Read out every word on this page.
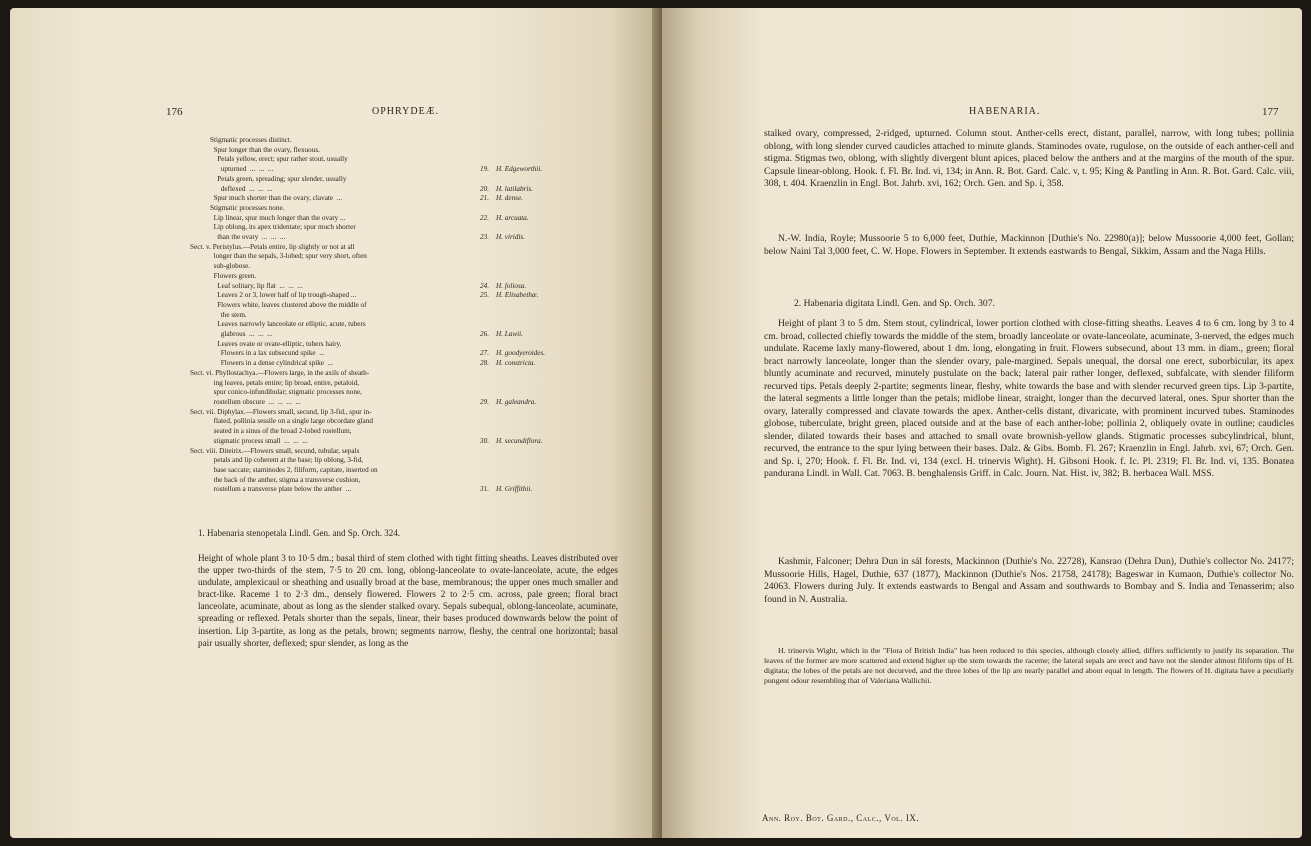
176	OPHRYDEÆ.
Stigmatic processes distinct.
Spur longer than the ovary, flexuous.
Petals yellow, erect; spur rather stout, usually
upturned  ...  ...  ...	19. H. Edgeworthii.
Petals green, spreading; spur slender, usually
deflexed  ...  ...  ...	20. H. latilabris.
Spur much shorter than the ovary, clavate  ...	21. H. dense.
Stigmatic processes none.
Lip linear, spur much longer than the ovary ...	22. H. arcuata.
Lip oblong, its apex tridentate; spur much shorter
than the ovary  ...  ...  ...	23. H. viridis.
Sect. v. Peristylus.—Petals entire, lip slightly or not at all
longer than the sepals, 3-lobed; spur very short, often
sub-globose.
Flowers green.
Leaf solitary, lip flat  ...  ...  ...	24. H. foliosa.
Leaves 2 or 3, lower half of lip trough-shaped ...	25. H. Elisabethæ.
Flowers white, leaves clustered above the middle of
the stem.
Leaves narrowly lanceolate or elliptic, acute, tubers
glabrous  ...  ...  ...	26. H. Lawii.
Leaves ovate or ovate-elliptic, tubers hairy.
Flowers in a lax subsecund spike  ...	27. H. goodyeroides.
Flowers in a dense cylindrical spike  ...	28. H. constricta.
Sect. vi. Phyllostachya.—Flowers large, in the axils of sheath-
ing leaves, petals entire; lip broad, entire, petaloid,
spur conico-infundibular; stigmatic processes none,
rostellum obscure  ...  ...  ...  ...	29. H. galeandra.
Sect. vii. Diphylax.—Flowers small, secund, lip 3-fid., spur in-
flated, pollinia sessile on a single large obcordate gland
seated in a sinus of the broad 2-lobed rostellum,
stigmatic process small  ...  ...  ...	30. H. secundiflora.
Sect. viii. Diteirix.—Flowers small, secund, tubular, sepals
petals and lip coherent at the base; lip oblong, 3-fid,
base saccate; staminodes 2, filiform, capitate, inserted on
the back of the anther, stigma a transverse cushion,
rostellum a transverse plate below the anther  ...	31. H. Griffithii.
1. Habenaria stenopetala Lindl. Gen. and Sp. Orch. 324.
Height of whole plant 3 to 10·5 dm.; basal third of stem clothed with tight fitting sheaths. Leaves distributed over the upper two-thirds of the stem, 7·5 to 20 cm. long, oblong-lanceolate to ovate-lanceolate, acute, the edges undulate, amplexicaul or sheathing and usually broad at the base, membranous; the upper ones much smaller and bract-like. Raceme 1 to 2·3 dm., densely flowered. Flowers 2 to 2·5 cm. across, pale green; floral bract lanceolate, acuminate, about as long as the slender stalked ovary. Sepals subequal, oblong-lanceolate, acuminate, spreading or reflexed. Petals shorter than the sepals, linear, their bases produced downwards below the point of insertion. Lip 3-partite, as long as the petals, brown; segments narrow, fleshy, the central one horizontal; basal pair usually shorter, deflexed; spur slender, as long as the
HABENARIA.	177
stalked ovary, compressed, 2-ridged, upturned. Column stout. Anther-cells erect, distant, parallel, narrow, with long tubes; pollinia oblong, with long slender curved caudicles attached to minute glands. Staminodes ovate, rugulose, on the outside of each anther-cell and stigma. Stigmas two, oblong, with slightly divergent blunt apices, placed below the anthers and at the margins of the mouth of the spur. Capsule linear-oblong. Hook. f. Fl. Br. Ind. vi, 134; in Ann. R. Bot. Gard. Calc. v, t. 95; King & Pantling in Ann. R. Bot. Gard. Calc. viii, 308, t. 404. Kraenzlin in Engl. Bot. Jahrb. xvi, 162; Orch. Gen. and Sp. i, 358.
N.-W. India, Royle; Mussoorie 5 to 6,000 feet, Duthie, Mackinnon [Duthie's No. 22980(a)]; below Mussoorie 4,000 feet, Gollan; below Naini Tal 3,000 feet, C. W. Hope. Flowers in September. It extends eastwards to Bengal, Sikkim, Assam and the Naga Hills.
2. Habenaria digitata Lindl. Gen. and Sp. Orch. 307.
Height of plant 3 to 5 dm. Stem stout, cylindrical, lower portion clothed with close-fitting sheaths. Leaves 4 to 6 cm. long by 3 to 4 cm. broad, collected chiefly towards the middle of the stem, broadly lanceolate or ovate-lanceolate, acuminate, 3-nerved, the edges much undulate. Raceme laxly many-flowered, about 1 dm. long, elongating in fruit. Flowers subsecund, about 13 mm. in diam., green; floral bract narrowly lanceolate, longer than the slender ovary, pale-margined. Sepals unequal, the dorsal one erect, suborbicular, its apex bluntly acuminate and recurved, minutely pustulate on the back; lateral pair rather longer, deflexed, subfalcate, with slender filiform recurved tips. Petals deeply 2-partite; segments linear, fleshy, white towards the base and with slender recurved green tips. Lip 3-partite, the lateral segments a little longer than the petals; midlobe linear, straight, longer than the decurved lateral, ones. Spur shorter than the ovary, laterally compressed and clavate towards the apex. Anther-cells distant, divaricate, with prominent incurved tubes. Staminodes globose, tuberculate, bright green, placed outside and at the base of each anther-lobe; pollinia 2, obliquely ovate in outline; caudicles slender, dilated towards their bases and attached to small ovate brownish-yellow glands. Stigmatic processes subcylindrical, blunt, recurved, the entrance to the spur lying between their bases. Dalz. & Gibs. Bomb. Fl. 267; Kraenzlin in Engl. Jahrb. xvi, 67; Orch. Gen. and Sp. i, 270; Hook. f. Fl. Br. Ind. vi, 134 (excl. H. trinervis Wight). H. Gibsoni Hook. f. Ic. Pl. 2319; Fl. Br. Ind. vi, 135. Bonatea pandurana Lindl. in Wall. Cat. 7063. B. benghalensis Griff. in Calc. Journ. Nat. Hist. iv, 382; B. herbacea Wall. MSS.
Kashmir, Falconer; Dehra Dun in sál forests, Mackinnon (Duthie's No. 22728), Kansrao (Dehra Dun), Duthie's collector No. 24177; Mussoorie Hills, Hagel, Duthie, 637 (1877), Mackinnon (Duthie's Nos. 21758, 24178); Bageswar in Kumaon, Duthie's collector No. 24063. Flowers during July. It extends eastwards to Bengal and Assam and southwards to Bombay and S. India and Tenasserim; also found in N. Australia.
H. trinervis Wight, which in the "Flora of British India" has been reduced to this species, although closely allied, differs sufficiently to justify its separation. The leaves of the former are more scattered and extend higher up the stem towards the raceme; the lateral sepals are erect and have not the slender almost filiform tips of H. digitata; the lobes of the petals are not decurved, and the three lobes of the lip are nearly parallel and about equal in length. The flowers of H. digitata have a peculiarly pungent odour resembling that of Valeriana Wallichii.
Ann. Roy. Bot. Gard., Calc., Vol. IX.
